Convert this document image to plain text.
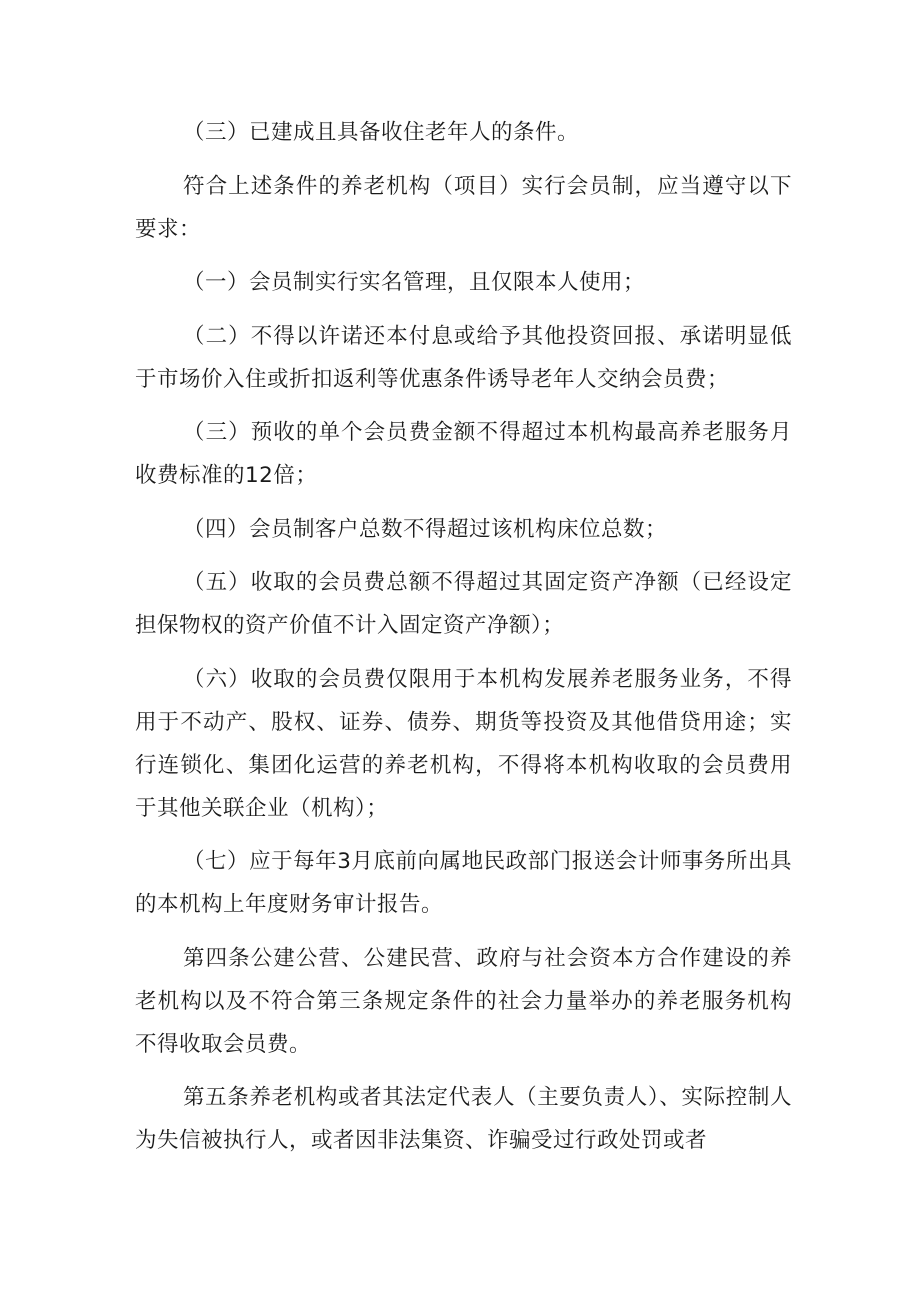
（三）已建成且具备收住老年人的条件。

符合上述条件的养老机构（项目）实行会员制，应当遵守以下要求：

（一）会员制实行实名管理，且仅限本人使用；

（二）不得以许诺还本付息或给予其他投资回报、承诺明显低于市场价入住或折扣返利等优惠条件诱导老年人交纳会员费；

（三）预收的单个会员费金额不得超过本机构最高养老服务月收费标准的12倍；

（四）会员制客户总数不得超过该机构床位总数；

（五）收取的会员费总额不得超过其固定资产净额（已经设定担保物权的资产价值不计入固定资产净额）；

（六）收取的会员费仅限用于本机构发展养老服务业务，不得用于不动产、股权、证券、债券、期货等投资及其他借贷用途；实行连锁化、集团化运营的养老机构，不得将本机构收取的会员费用于其他关联企业（机构）；

（七）应于每年3月底前向属地民政部门报送会计师事务所出具的本机构上年度财务审计报告。

第四条公建公营、公建民营、政府与社会资本方合作建设的养老机构以及不符合第三条规定条件的社会力量举办的养老服务机构不得收取会员费。

第五条养老机构或者其法定代表人（主要负责人）、实际控制人为失信被执行人，或者因非法集资、诈骗受过行政处罚或者
